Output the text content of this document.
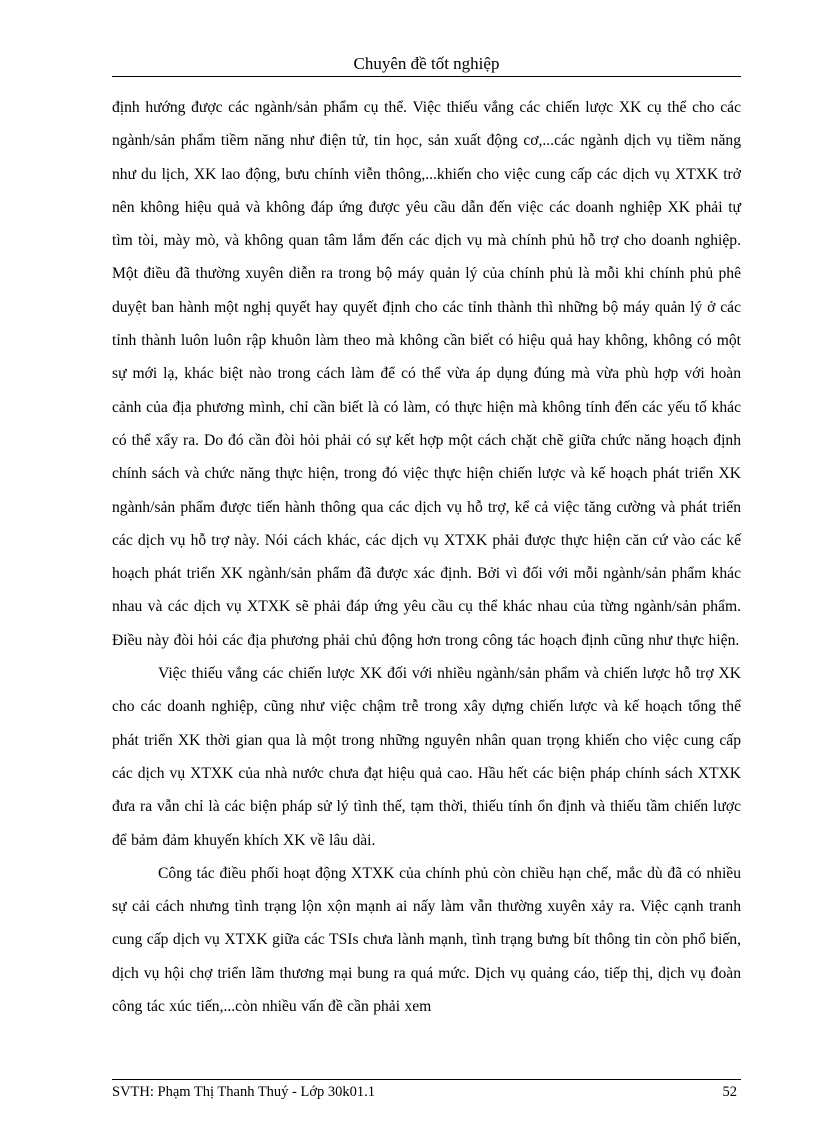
Chuyên đề tốt nghiệp

định hướng được các ngành/sản phẩm cụ thể. Việc thiếu vắng các chiến lược XK cụ thể cho các ngành/sản phẩm tiềm năng như điện tử, tin học, sản xuất động cơ,...các ngành dịch vụ tiềm năng như du lịch, XK lao động, bưu chính viễn thông,...khiến cho việc cung cấp các dịch vụ XTXK trở nên không hiệu quả và không đáp ứng được yêu cầu dẫn đến việc các doanh nghiệp XK phải tự tìm tòi, mày mò, và không quan tâm lắm đến các dịch vụ mà chính phủ hỗ trợ cho doanh nghiệp. Một điều đã thường xuyên diễn ra trong bộ máy quản lý của chính phủ là mỗi khi chính phủ phê duyệt ban hành một nghị quyết hay quyết định cho các tỉnh thành thì những bộ máy quản lý ở các tỉnh thành luôn luôn rập khuôn làm theo mà không cần biết có hiệu quả hay không, không có một sự mới lạ, khác biệt nào trong cách làm để có thể vừa áp dụng đúng mà vừa phù hợp với hoàn cảnh của địa phương mình, chỉ cần biết là có làm, có thực hiện mà không tính đến các yếu tố khác có thể xẩy ra. Do đó cần đòi hỏi phải có sự kết hợp một cách chặt chẽ giữa chức năng hoạch định chính sách và chức năng thực hiện, trong đó việc thực hiện chiến lược và kế hoạch phát triển XK ngành/sản phẩm được tiến hành thông qua các dịch vụ hỗ trợ, kể cả việc tăng cường và phát triển các dịch vụ hỗ trợ này. Nói cách khác, các dịch vụ XTXK phải được thực hiện căn cứ vào các kế hoạch phát triển XK ngành/sản phẩm đã được xác định. Bởi vì đối với mỗi ngành/sản phẩm khác nhau và các dịch vụ XTXK sẽ phải đáp ứng yêu cầu cụ thể khác nhau của từng ngành/sản phẩm. Điều này đòi hỏi các địa phương phải chủ động hơn trong công tác hoạch định cũng như thực hiện.

Việc thiếu vắng các chiến lược XK đối với nhiều ngành/sản phẩm và chiến lược hỗ trợ XK cho các doanh nghiệp, cũng như việc chậm trễ trong xây dựng chiến lược và kế hoạch tổng thể phát triển XK thời gian qua là một trong những nguyên nhân quan trọng khiến cho việc cung cấp các dịch vụ XTXK của nhà nước chưa đạt hiệu quả cao. Hầu hết các biện pháp chính sách XTXK đưa ra vẫn chỉ là các biện pháp sử lý tình thế, tạm thời, thiếu tính ổn định và thiếu tầm chiến lược để bảm đảm khuyến khích XK về lâu dài.

Công tác điều phối hoạt động XTXK của chính phủ còn chiều hạn chế, mắc dù đã có nhiều sự cải cách nhưng tình trạng lộn xộn mạnh ai nấy làm vẫn thường xuyên xảy ra. Việc cạnh tranh cung cấp dịch vụ XTXK giữa các TSIs chưa lành mạnh, tình trạng bưng bít thông tin còn phổ biến, dịch vụ hội chợ triển lãm thương mại bung ra quá mức. Dịch vụ quảng cáo, tiếp thị, dịch vụ đoàn công tác xúc tiến,...còn nhiều vấn đề cần phải xem

SVTH: Phạm Thị Thanh Thuý - Lớp 30k01.1	52
